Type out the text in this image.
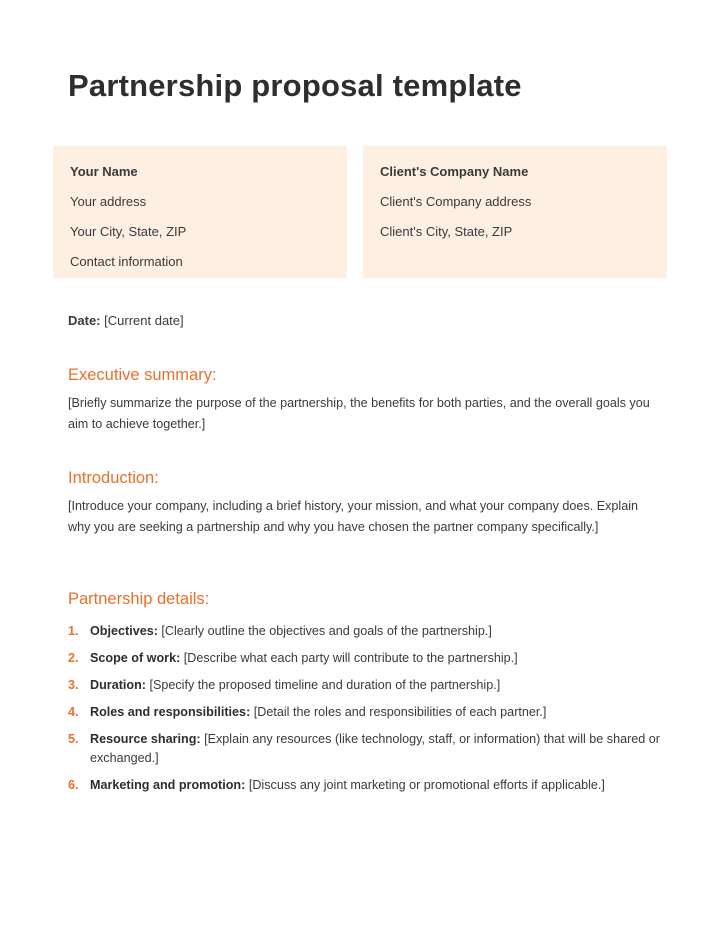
Partnership proposal template
Your Name
Your address
Your City, State, ZIP
Contact information
Client's Company Name
Client's Company address
Client's City, State, ZIP
Date: [Current date]
Executive summary:
[Briefly summarize the purpose of the partnership, the benefits for both parties, and the overall goals you aim to achieve together.]
Introduction:
[Introduce your company, including a brief history, your mission, and what your company does. Explain why you are seeking a partnership and why you have chosen the partner company specifically.]
Partnership details:
1. Objectives: [Clearly outline the objectives and goals of the partnership.]
2. Scope of work: [Describe what each party will contribute to the partnership.]
3. Duration: [Specify the proposed timeline and duration of the partnership.]
4. Roles and responsibilities: [Detail the roles and responsibilities of each partner.]
5. Resource sharing: [Explain any resources (like technology, staff, or information) that will be shared or exchanged.]
6. Marketing and promotion: [Discuss any joint marketing or promotional efforts if applicable.]
